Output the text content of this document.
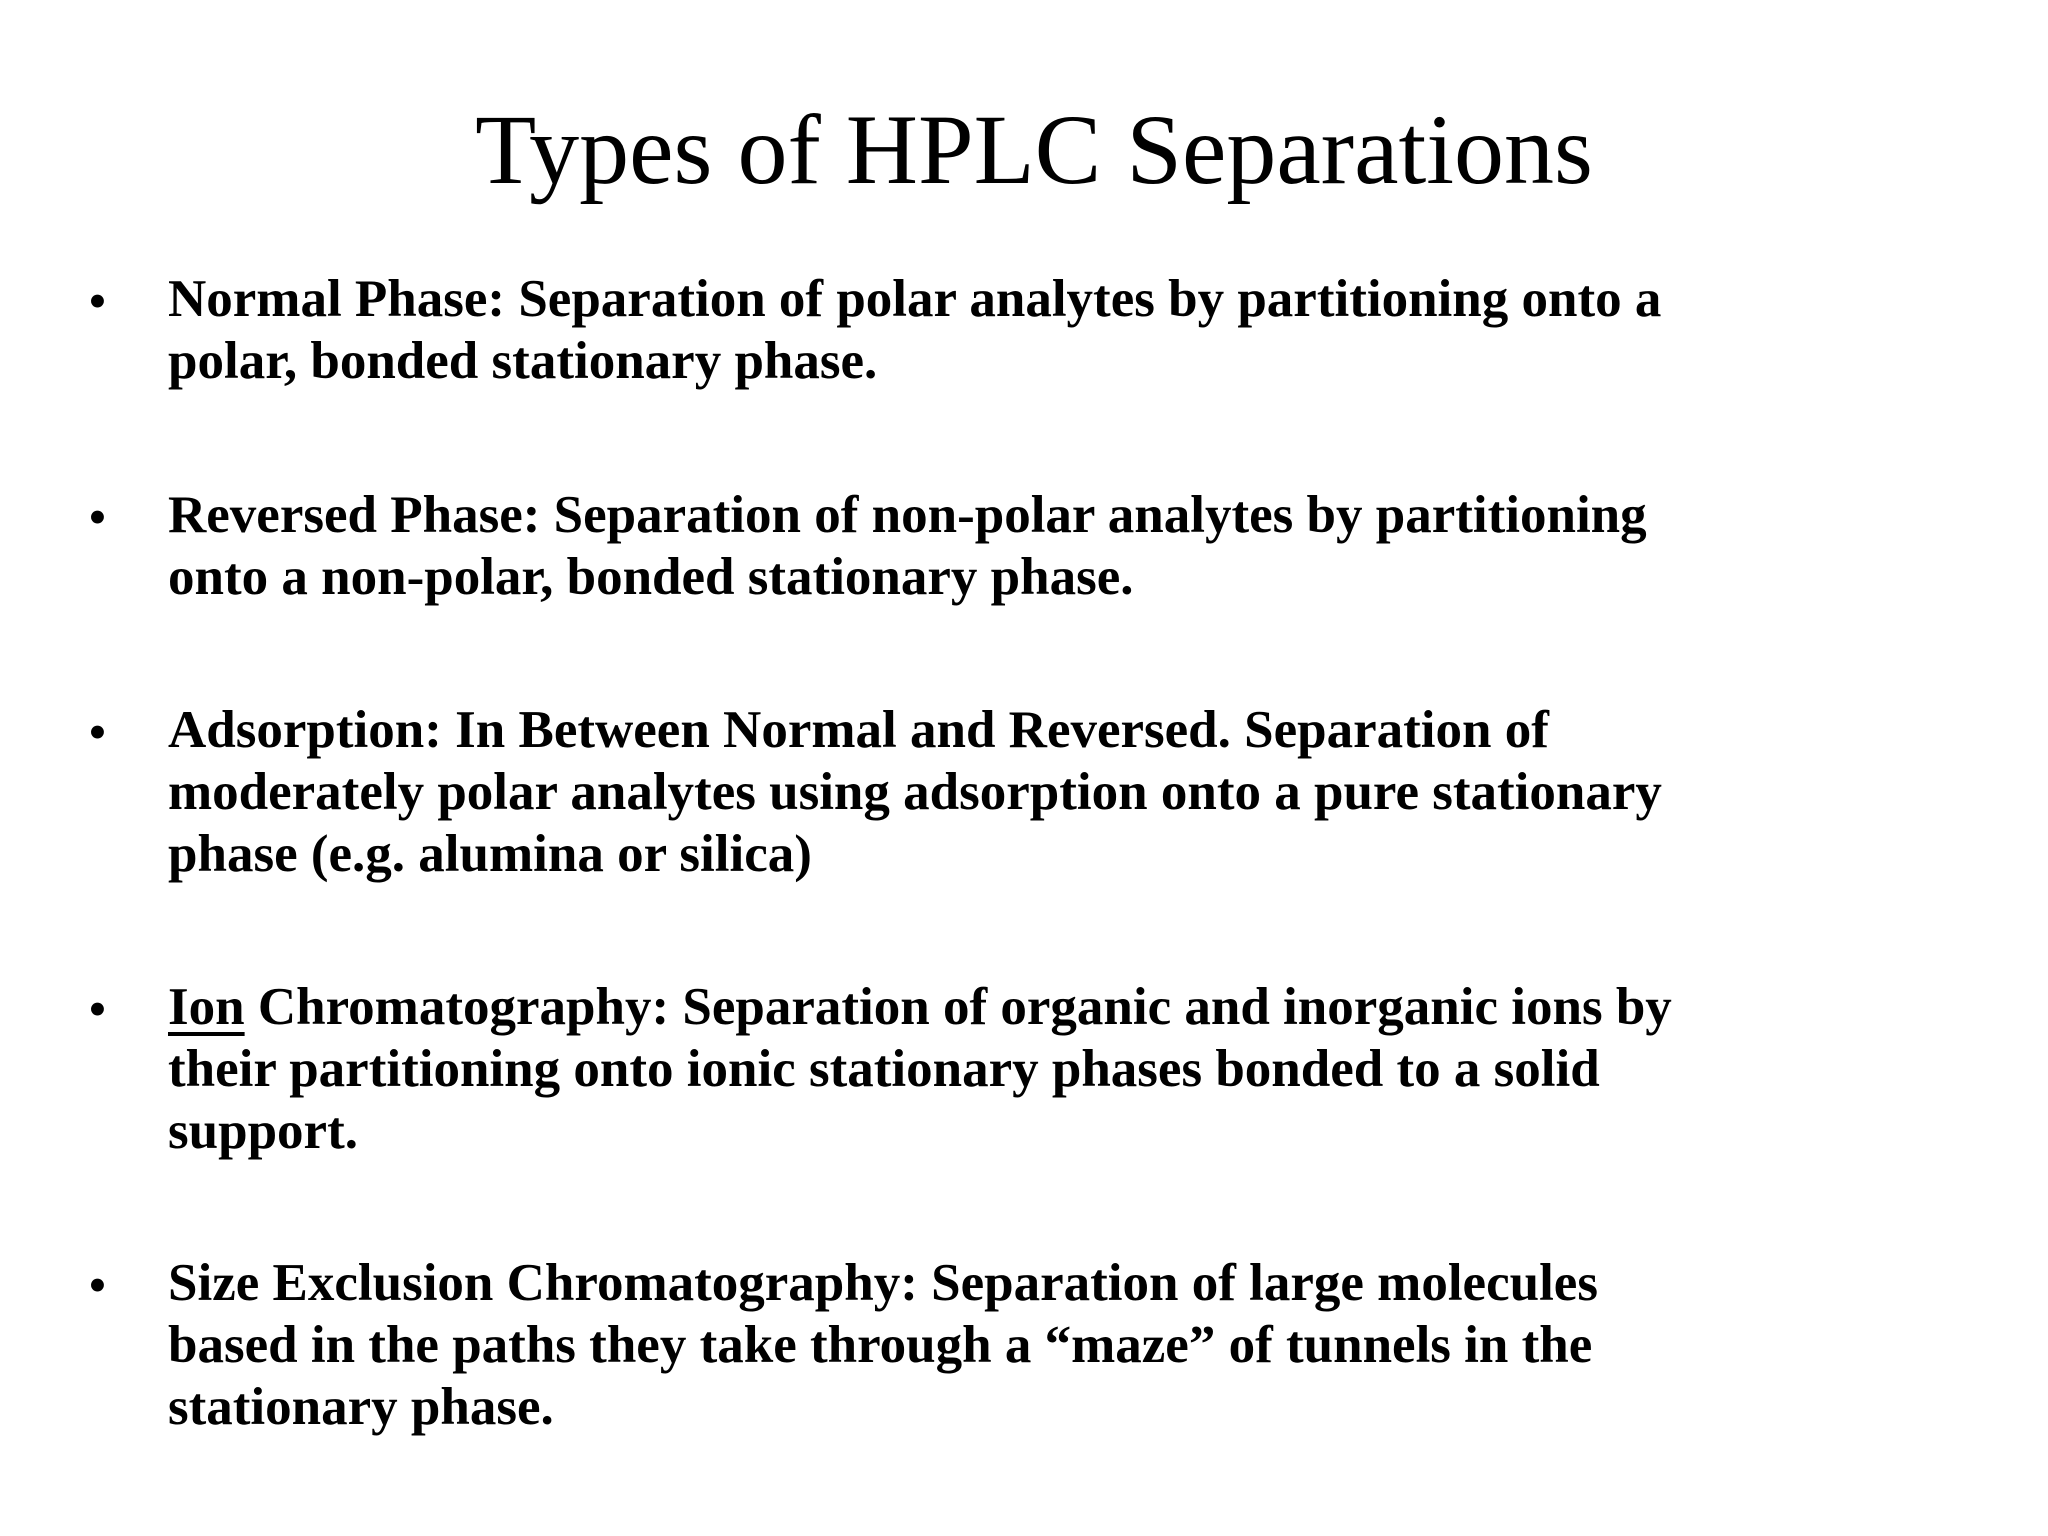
Types of HPLC Separations
• Normal Phase: Separation of polar analytes by partitioning onto a
polar, bonded stationary phase.
• Reversed Phase: Separation of non-polar analytes by partitioning
onto a non-polar, bonded stationary phase.
• Adsorption: In Between Normal and Reversed. Separation of
moderately polar analytes using adsorption onto a pure stationary
phase (e.g. alumina or silica)
• Ion Chromatography: Separation of organic and inorganic ions by
their partitioning onto ionic stationary phases bonded to a solid
support.
• Size Exclusion Chromatography: Separation of large molecules
based in the paths they take through a “maze” of tunnels in the
stationary phase.
